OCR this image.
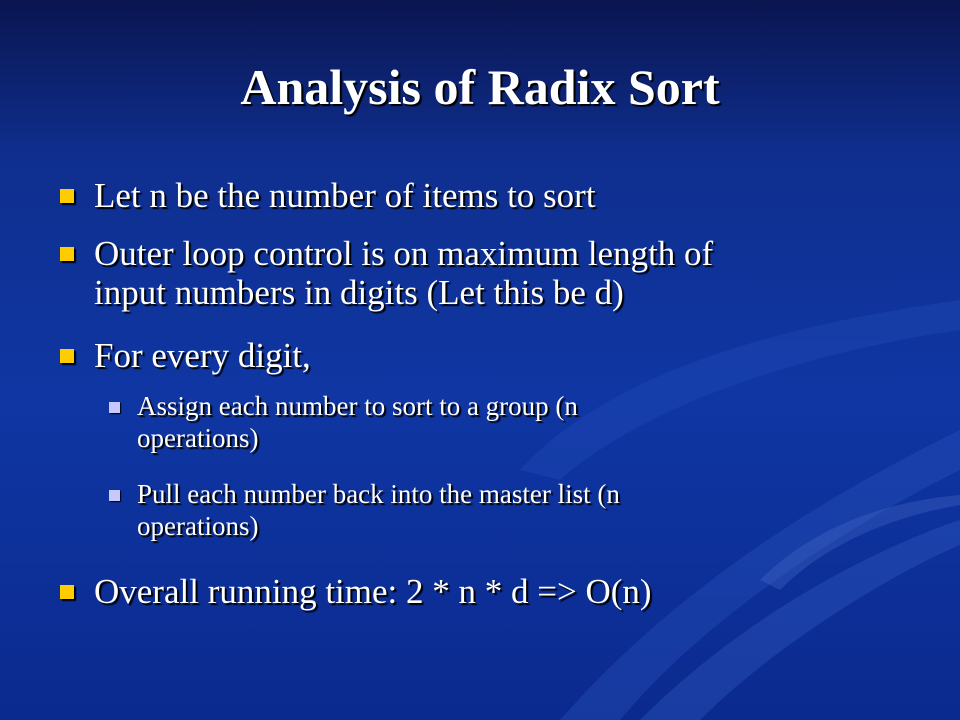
Analysis of Radix Sort
Let n be the number of items to sort
Outer loop control is on maximum length of
input numbers in digits (Let this be d)
For every digit,
Assign each number to sort to a group (n
operations)
Pull each number back into the master list (n
operations)
Overall running time: 2 * n * d => O(n)
